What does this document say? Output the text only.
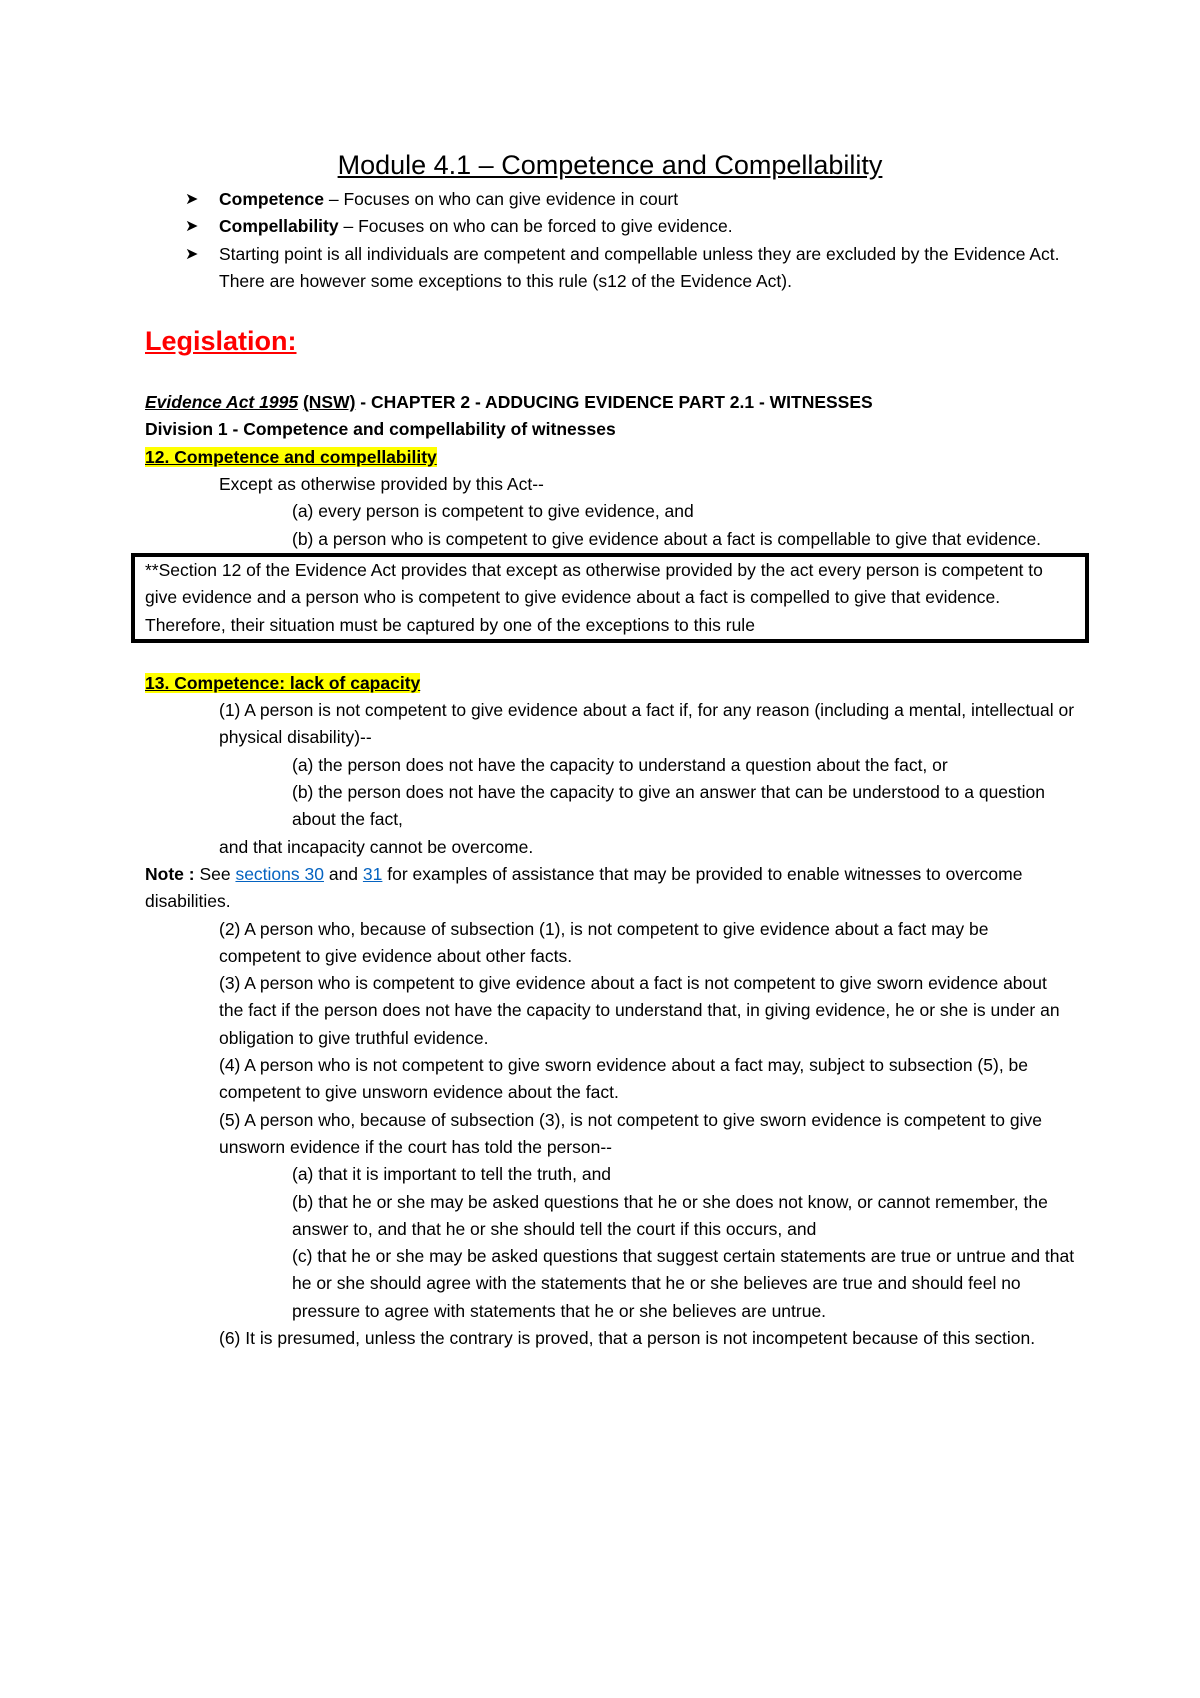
Module 4.1 – Competence and Compellability
➤ Competence – Focuses on who can give evidence in court
➤ Compellability – Focuses on who can be forced to give evidence.
➤ Starting point is all individuals are competent and compellable unless they are excluded by the Evidence Act. There are however some exceptions to this rule (s12 of the Evidence Act).
Legislation:

Evidence Act 1995 (NSW) - CHAPTER 2 - ADDUCING EVIDENCE PART 2.1 - WITNESSES

Division 1 - Competence and compellability of witnesses

12. Competence and compellability

Except as otherwise provided by this Act--

(a) every person is competent to give evidence, and

(b) a person who is competent to give evidence about a fact is compellable to give that evidence.

**Section 12 of the Evidence Act provides that except as otherwise provided by the act every person is competent to give evidence and a person who is competent to give evidence about a fact is compelled to give that evidence. Therefore, their situation must be captured by one of the exceptions to this rule

13. Competence: lack of capacity

(1) A person is not competent to give evidence about a fact if, for any reason (including a mental, intellectual or physical disability)--

(a) the person does not have the capacity to understand a question about the fact, or

(b) the person does not have the capacity to give an answer that can be understood to a question about the fact,

and that incapacity cannot be overcome.

Note : See sections 30 and 31 for examples of assistance that may be provided to enable witnesses to overcome disabilities.

(2) A person who, because of subsection (1), is not competent to give evidence about a fact may be competent to give evidence about other facts.

(3) A person who is competent to give evidence about a fact is not competent to give sworn evidence about the fact if the person does not have the capacity to understand that, in giving evidence, he or she is under an obligation to give truthful evidence.

(4) A person who is not competent to give sworn evidence about a fact may, subject to subsection (5), be competent to give unsworn evidence about the fact.

(5) A person who, because of subsection (3), is not competent to give sworn evidence is competent to give unsworn evidence if the court has told the person--

(a) that it is important to tell the truth, and

(b) that he or she may be asked questions that he or she does not know, or cannot remember, the answer to, and that he or she should tell the court if this occurs, and

(c) that he or she may be asked questions that suggest certain statements are true or untrue and that he or she should agree with the statements that he or she believes are true and should feel no pressure to agree with statements that he or she believes are untrue.

(6) It is presumed, unless the contrary is proved, that a person is not incompetent because of this section.
